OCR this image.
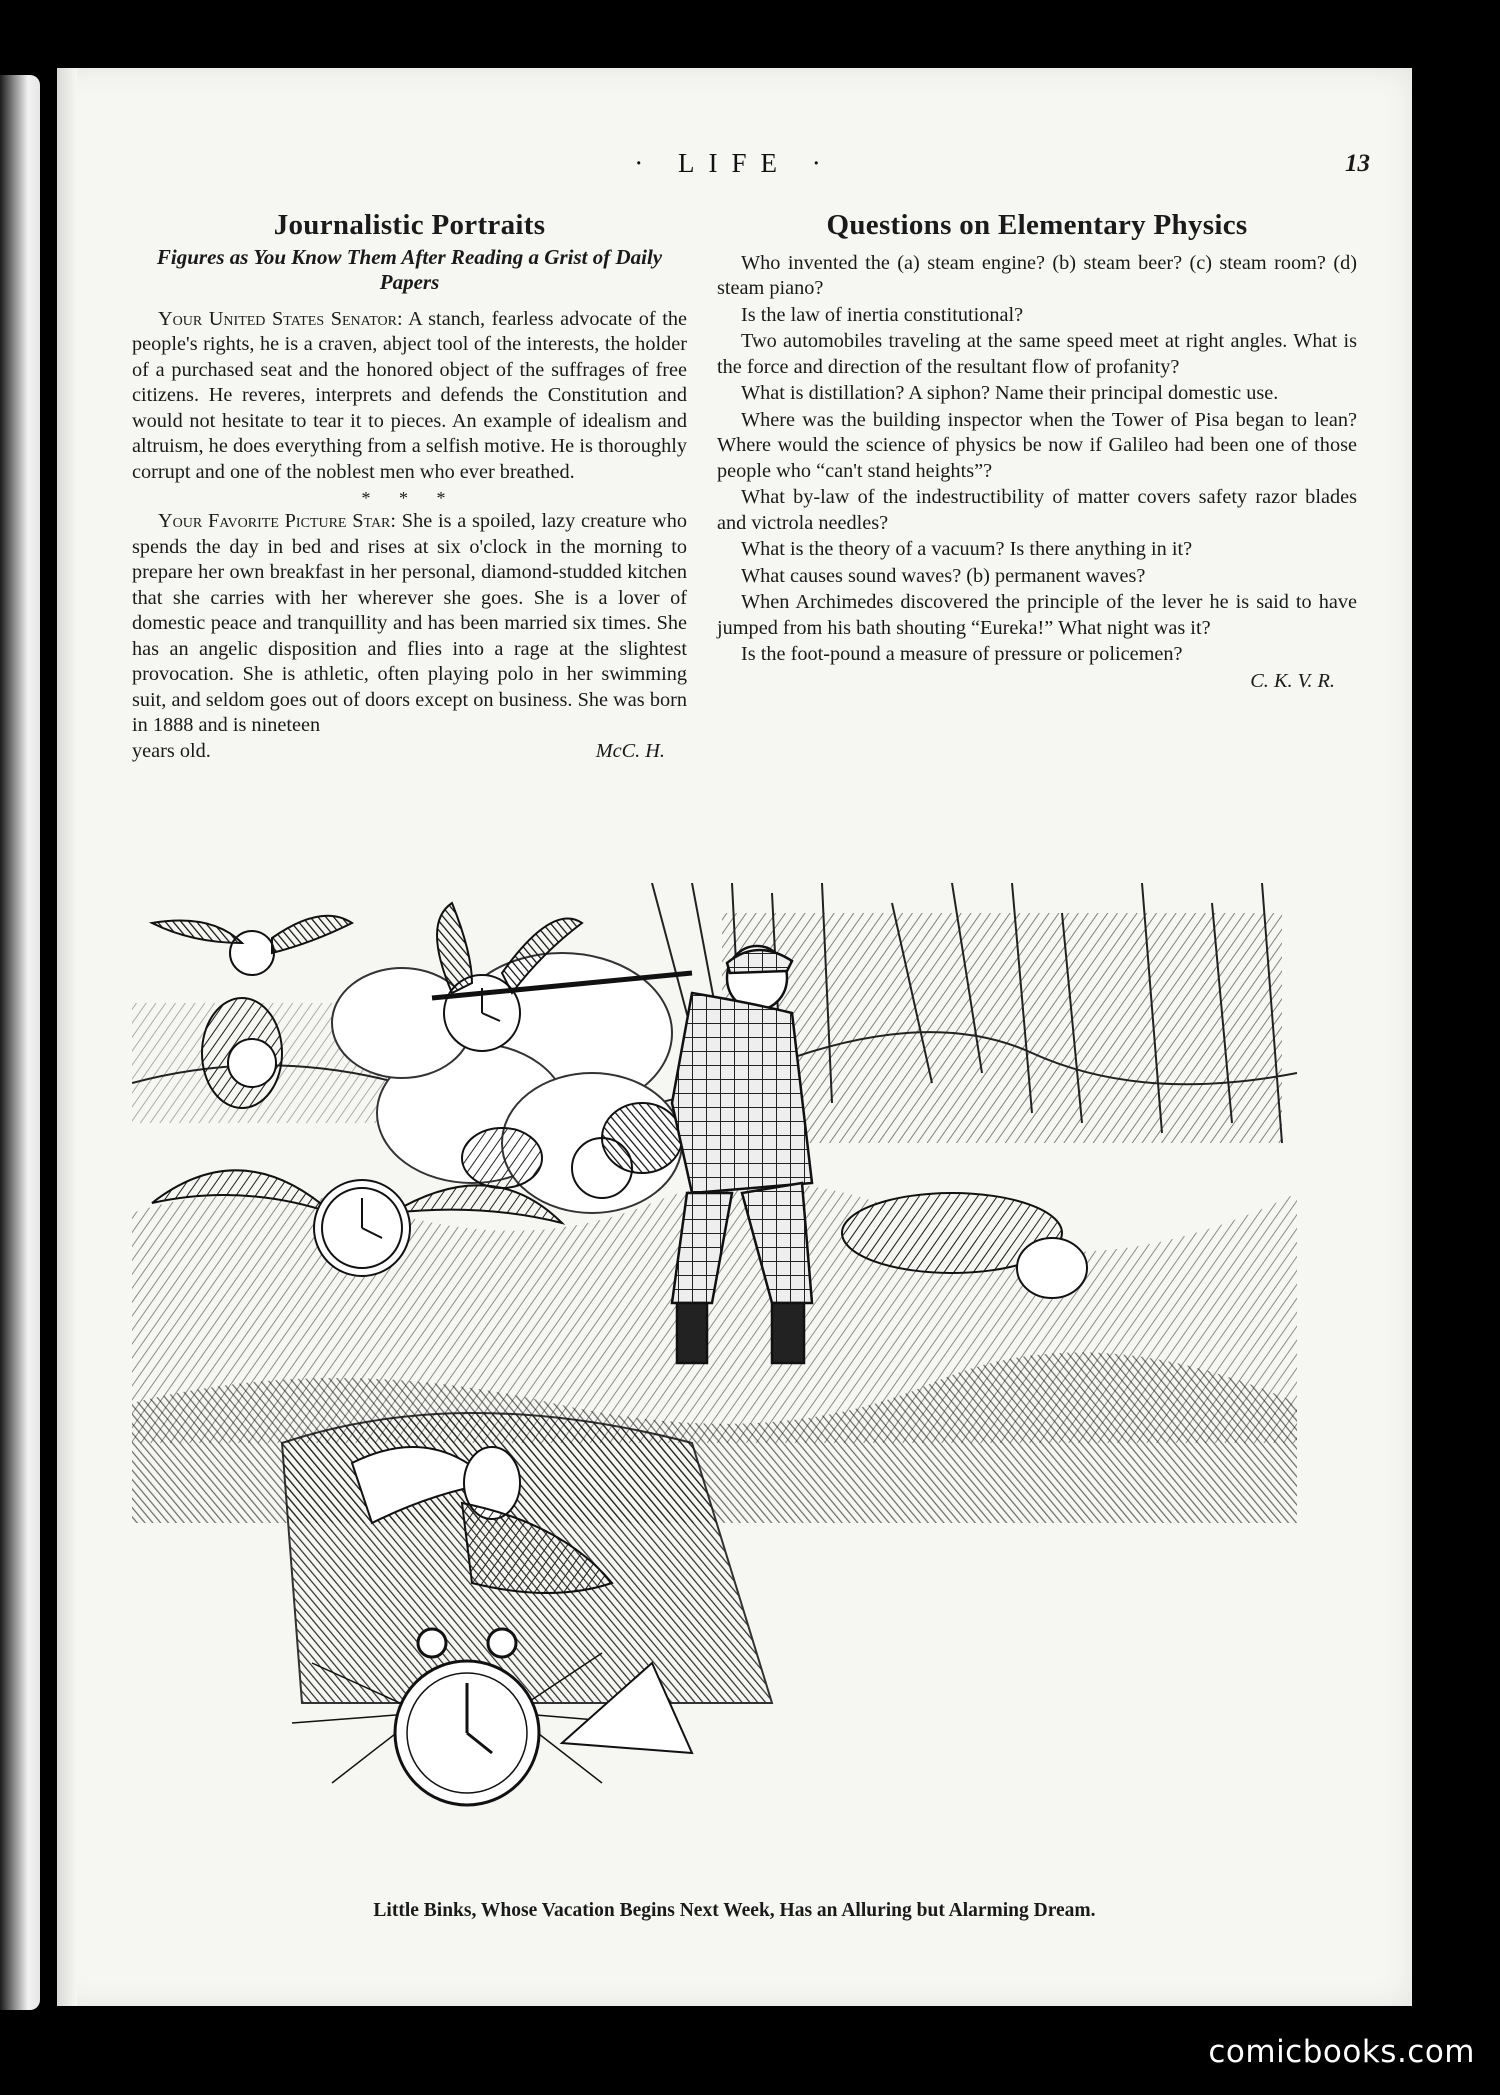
· LIFE ·	13
Journalistic Portraits
Figures as You Know Them After Reading a Grist of Daily Papers

Your United States Senator: A stanch, fearless advocate of the people's rights, he is a craven, abject tool of the interests, the holder of a purchased seat and the honored object of the suffrages of free citizens. He reveres, interprets and defends the Constitution and would not hesitate to tear it to pieces. An example of idealism and altruism, he does everything from a selfish motive. He is thoroughly corrupt and one of the noblest men who ever breathed.

* * *

Your Favorite Picture Star: She is a spoiled, lazy creature who spends the day in bed and rises at six o'clock in the morning to prepare her own breakfast in her personal, diamond-studded kitchen that she carries with her wherever she goes. She is a lover of domestic peace and tranquillity and has been married six times. She has an angelic disposition and flies into a rage at the slightest provocation. She is athletic, often playing polo in her swimming suit, and seldom goes out of doors except on business. She was born in 1888 and is nineteen

years old.	McC. H.
Questions on Elementary Physics

Who invented the (a) steam engine? (b) steam beer? (c) steam room? (d) steam piano?

Is the law of inertia constitutional?

Two automobiles traveling at the same speed meet at right angles. What is the force and direction of the resultant flow of profanity?

What is distillation? A siphon? Name their principal domestic use.

Where was the building inspector when the Tower of Pisa began to lean? Where would the science of physics be now if Galileo had been one of those people who “can't stand heights”?

What by-law of the indestructibility of matter covers safety razor blades and victrola needles?

What is the theory of a vacuum? Is there anything in it?

What causes sound waves? (b) permanent waves?

When Archimedes discovered the principle of the lever he is said to have jumped from his bath shouting “Eureka!” What night was it?

Is the foot-pound a measure of pressure or policemen?

C. K. V. R.
Little Binks, Whose Vacation Begins Next Week, Has an Alluring but Alarming Dream.
comicbooks.com
